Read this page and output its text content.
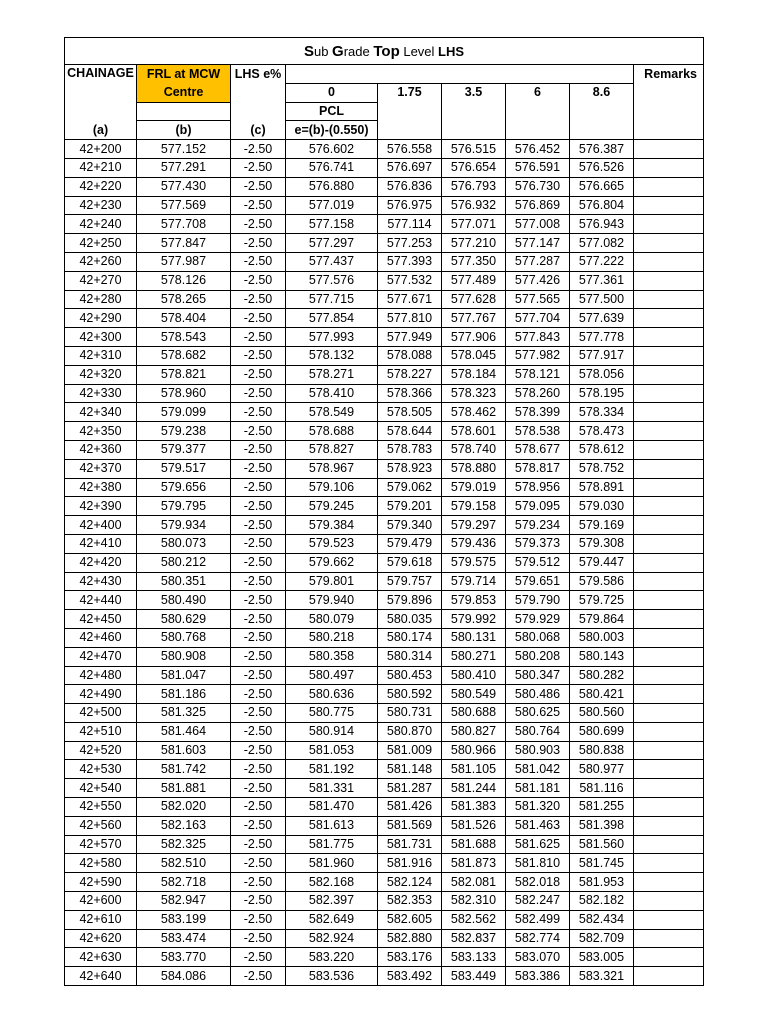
Sub Grade Top Level LHS								
CHAINAGE	FRL at MCW	LHS e%						Remarks
	Centre		0	1.75	3.5	6	8.6	
			PCL					
(a)	(b)	(c)	e=(b)-(0.550)					
42+200	577.152	-2.50	576.602	576.558	576.515	576.452	576.387	
42+210	577.291	-2.50	576.741	576.697	576.654	576.591	576.526	
42+220	577.430	-2.50	576.880	576.836	576.793	576.730	576.665	
42+230	577.569	-2.50	577.019	576.975	576.932	576.869	576.804	
42+240	577.708	-2.50	577.158	577.114	577.071	577.008	576.943	
42+250	577.847	-2.50	577.297	577.253	577.210	577.147	577.082	
42+260	577.987	-2.50	577.437	577.393	577.350	577.287	577.222	
42+270	578.126	-2.50	577.576	577.532	577.489	577.426	577.361	
42+280	578.265	-2.50	577.715	577.671	577.628	577.565	577.500	
42+290	578.404	-2.50	577.854	577.810	577.767	577.704	577.639	
42+300	578.543	-2.50	577.993	577.949	577.906	577.843	577.778	
42+310	578.682	-2.50	578.132	578.088	578.045	577.982	577.917	
42+320	578.821	-2.50	578.271	578.227	578.184	578.121	578.056	
42+330	578.960	-2.50	578.410	578.366	578.323	578.260	578.195	
42+340	579.099	-2.50	578.549	578.505	578.462	578.399	578.334	
42+350	579.238	-2.50	578.688	578.644	578.601	578.538	578.473	
42+360	579.377	-2.50	578.827	578.783	578.740	578.677	578.612	
42+370	579.517	-2.50	578.967	578.923	578.880	578.817	578.752	
42+380	579.656	-2.50	579.106	579.062	579.019	578.956	578.891	
42+390	579.795	-2.50	579.245	579.201	579.158	579.095	579.030	
42+400	579.934	-2.50	579.384	579.340	579.297	579.234	579.169	
42+410	580.073	-2.50	579.523	579.479	579.436	579.373	579.308	
42+420	580.212	-2.50	579.662	579.618	579.575	579.512	579.447	
42+430	580.351	-2.50	579.801	579.757	579.714	579.651	579.586	
42+440	580.490	-2.50	579.940	579.896	579.853	579.790	579.725	
42+450	580.629	-2.50	580.079	580.035	579.992	579.929	579.864	
42+460	580.768	-2.50	580.218	580.174	580.131	580.068	580.003	
42+470	580.908	-2.50	580.358	580.314	580.271	580.208	580.143	
42+480	581.047	-2.50	580.497	580.453	580.410	580.347	580.282	
42+490	581.186	-2.50	580.636	580.592	580.549	580.486	580.421	
42+500	581.325	-2.50	580.775	580.731	580.688	580.625	580.560	
42+510	581.464	-2.50	580.914	580.870	580.827	580.764	580.699	
42+520	581.603	-2.50	581.053	581.009	580.966	580.903	580.838	
42+530	581.742	-2.50	581.192	581.148	581.105	581.042	580.977	
42+540	581.881	-2.50	581.331	581.287	581.244	581.181	581.116	
42+550	582.020	-2.50	581.470	581.426	581.383	581.320	581.255	
42+560	582.163	-2.50	581.613	581.569	581.526	581.463	581.398	
42+570	582.325	-2.50	581.775	581.731	581.688	581.625	581.560	
42+580	582.510	-2.50	581.960	581.916	581.873	581.810	581.745	
42+590	582.718	-2.50	582.168	582.124	582.081	582.018	581.953	
42+600	582.947	-2.50	582.397	582.353	582.310	582.247	582.182	
42+610	583.199	-2.50	582.649	582.605	582.562	582.499	582.434	
42+620	583.474	-2.50	582.924	582.880	582.837	582.774	582.709	
42+630	583.770	-2.50	583.220	583.176	583.133	583.070	583.005	
42+640	584.086	-2.50	583.536	583.492	583.449	583.386	583.321	
